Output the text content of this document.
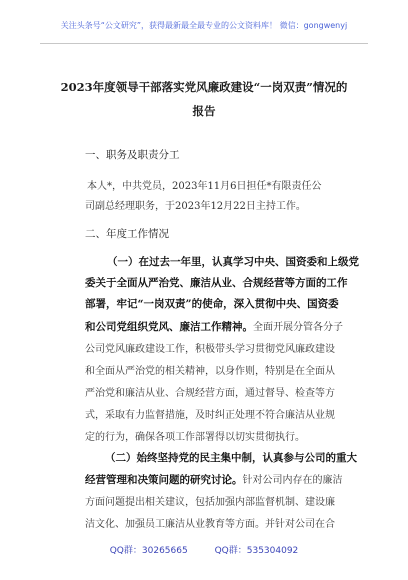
关注头条号“公文研究”，获得最新最全最专业的公文资料库！ 微信：gongwenyj
2023年度领导干部落实党风廉政建设“一岗双责”情况的
报告
一、职务及职责分工
本人*，中共党员，2023年11月6日担任*有限责任公
司副总经理职务，于2023年12月22日主持工作。
二、年度工作情况
（一）在过去一年里，认真学习中央、国资委和上级党
委关于全面从严治党、廉洁从业、合规经营等方面的工作
部署，牢记“一岗双责”的使命，深入贯彻中央、国资委
和公司党组织党风、廉洁工作精神。全面开展分管各分子
公司党风廉政建设工作，积极带头学习贯彻党风廉政建设
和全面从严治党的相关精神，以身作则，特别是在全面从
严治党和廉洁从业、合规经营方面，通过督导、检查等方
式，采取有力监督措施，及时纠正处理不符合廉洁从业规
定的行为，确保各项工作部署得以切实贯彻执行。
（二）始终坚持党的民主集中制，认真参与公司的重大
经营管理和决策问题的研究讨论。针对公司内存在的廉洁
方面问题提出相关建议，包括加强内部监督机制、建设廉
洁文化、加强员工廉洁从业教育等方面。并针对公司在合
QQ群：30265665	QQ群：535304092
